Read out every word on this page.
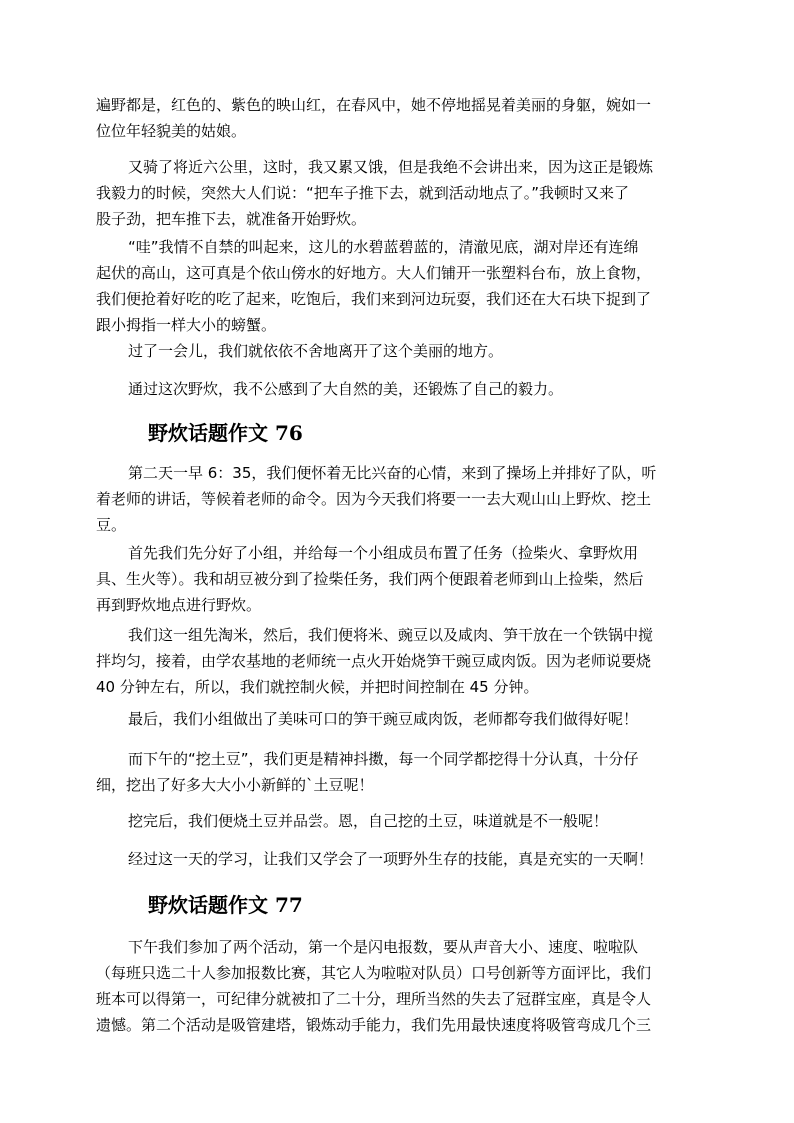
遍野都是，红色的、紫色的映山红，在春风中，她不停地摇晃着美丽的身躯，婉如一
位位年轻貌美的姑娘。
又骑了将近六公里，这时，我又累又饿，但是我绝不会讲出来，因为这正是锻炼
我毅力的时候，突然大人们说：“把车子推下去，就到活动地点了。”我顿时又来了
股子劲，把车推下去，就准备开始野炊。
“哇”我情不自禁的叫起来，这儿的水碧蓝碧蓝的，清澈见底，湖对岸还有连绵
起伏的高山，这可真是个依山傍水的好地方。大人们铺开一张塑料台布，放上食物，
我们便抢着好吃的吃了起来，吃饱后，我们来到河边玩耍，我们还在大石块下捉到了
跟小拇指一样大小的螃蟹。
过了一会儿，我们就依依不舍地离开了这个美丽的地方。
通过这次野炊，我不公感到了大自然的美，还锻炼了自己的毅力。
野炊话题作文 76
第二天一早 6：35，我们便怀着无比兴奋的心情，来到了操场上并排好了队，听
着老师的讲话，等候着老师的命令。因为今天我们将要一一去大观山山上野炊、挖土
豆。
首先我们先分好了小组，并给每一个小组成员布置了任务（捡柴火、拿野炊用
具、生火等）。我和胡豆被分到了捡柴任务，我们两个便跟着老师到山上捡柴，然后
再到野炊地点进行野炊。
我们这一组先淘米，然后，我们便将米、豌豆以及咸肉、笋干放在一个铁锅中搅
拌均匀，接着，由学农基地的老师统一点火开始烧笋干豌豆咸肉饭。因为老师说要烧
40 分钟左右，所以，我们就控制火候，并把时间控制在 45 分钟。
最后，我们小组做出了美味可口的笋干豌豆咸肉饭，老师都夸我们做得好呢！
而下午的“挖土豆”，我们更是精神抖擞，每一个同学都挖得十分认真，十分仔
细，挖出了好多大大小小新鲜的`土豆呢！
挖完后，我们便烧土豆并品尝。恩，自己挖的土豆，味道就是不一般呢！
经过这一天的学习，让我们又学会了一项野外生存的技能，真是充实的一天啊！
野炊话题作文 77
下午我们参加了两个活动，第一个是闪电报数，要从声音大小、速度、啦啦队
（每班只选二十人参加报数比赛，其它人为啦啦对队员）口号创新等方面评比，我们
班本可以得第一，可纪律分就被扣了二十分，理所当然的失去了冠群宝座，真是令人
遗憾。第二个活动是吸管建塔，锻炼动手能力，我们先用最快速度将吸管弯成几个三
